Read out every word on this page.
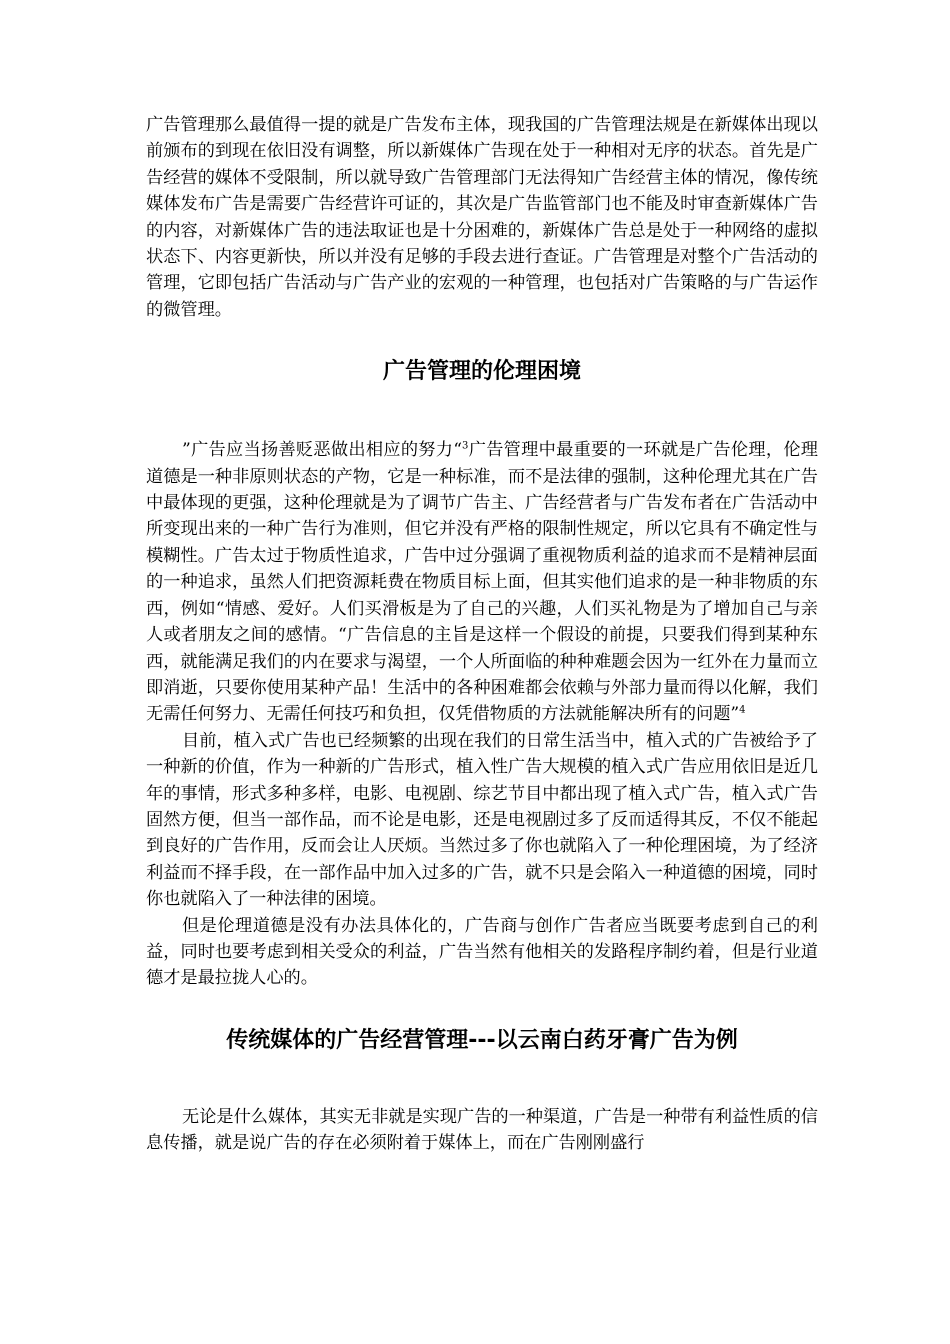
广告管理那么最值得一提的就是广告发布主体，现我国的广告管理法规是在新媒体出现以前颁布的到现在依旧没有调整，所以新媒体广告现在处于一种相对无序的状态。首先是广告经营的媒体不受限制，所以就导致广告管理部门无法得知广告经营主体的情况，像传统媒体发布广告是需要广告经营许可证的，其次是广告监管部门也不能及时审查新媒体广告的内容，对新媒体广告的违法取证也是十分困难的，新媒体广告总是处于一种网络的虚拟状态下、内容更新快，所以并没有足够的手段去进行查证。广告管理是对整个广告活动的管理，它即包括广告活动与广告产业的宏观的一种管理，也包括对广告策略的与广告运作的微管理。

广告管理的伦理困境

”广告应当扬善贬恶做出相应的努力“$^3$广告管理中最重要的一环就是广告伦理，伦理道德是一种非原则状态的产物，它是一种标准，而不是法律的强制，这种伦理尤其在广告中最体现的更强，这种伦理就是为了调节广告主、广告经营者与广告发布者在广告活动中所变现出来的一种广告行为准则，但它并没有严格的限制性规定，所以它具有不确定性与模糊性。广告太过于物质性追求，广告中过分强调了重视物质利益的追求而不是精神层面的一种追求，虽然人们把资源耗费在物质目标上面，但其实他们追求的是一种非物质的东西，例如“情感、爱好。人们买滑板是为了自己的兴趣，人们买礼物是为了增加自己与亲人或者朋友之间的感情。“广告信息的主旨是这样一个假设的前提，只要我们得到某种东西，就能满足我们的内在要求与渴望，一个人所面临的种种难题会因为一红外在力量而立即消逝，只要你使用某种产品！生活中的各种困难都会依赖与外部力量而得以化解，我们无需任何努力、无需任何技巧和负担，仅凭借物质的方法就能解决所有的问题”$^4$

目前，植入式广告也已经频繁的出现在我们的日常生活当中，植入式的广告被给予了一种新的价值，作为一种新的广告形式，植入性广告大规模的植入式广告应用依旧是近几年的事情，形式多种多样，电影、电视剧、综艺节目中都出现了植入式广告，植入式广告固然方便，但当一部作品，而不论是电影，还是电视剧过多了反而适得其反，不仅不能起到良好的广告作用，反而会让人厌烦。当然过多了你也就陷入了一种伦理困境，为了经济利益而不择手段，在一部作品中加入过多的广告，就不只是会陷入一种道德的困境，同时你也就陷入了一种法律的困境。

但是伦理道德是没有办法具体化的，广告商与创作广告者应当既要考虑到自己的利益，同时也要考虑到相关受众的利益，广告当然有他相关的发路程序制约着，但是行业道德才是最拉拢人心的。

传统媒体的广告经营管理---以云南白药牙膏广告为例

无论是什么媒体，其实无非就是实现广告的一种渠道，广告是一种带有利益性质的信息传播，就是说广告的存在必须附着于媒体上，而在广告刚刚盛行
